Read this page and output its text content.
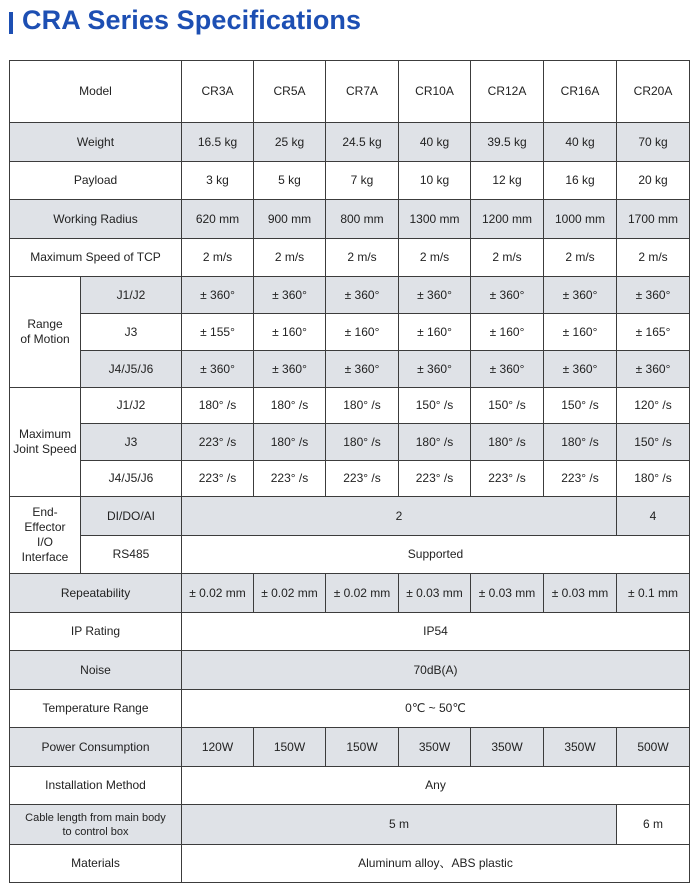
CRA Series Specifications
Model		CR3A	CR5A	CR7A	CR10A	CR12A	CR16A	CR20A
Weight		16.5 kg	25 kg	24.5 kg	40 kg	39.5 kg	40 kg	70 kg
Payload		3 kg	5 kg	7 kg	10 kg	12 kg	16 kg	20 kg
Working Radius		620 mm	900 mm	800 mm	1300 mm	1200 mm	1000 mm	1700 mm
Maximum Speed of TCP		2 m/s	2 m/s	2 m/s	2 m/s	2 m/s	2 m/s	2 m/s
Range
of Motion	J1/J2	± 360°	± 360°	± 360°	± 360°	± 360°	± 360°	± 360°
	J3	± 155°	± 160°	± 160°	± 160°	± 160°	± 160°	± 165°
	J4/J5/J6	± 360°	± 360°	± 360°	± 360°	± 360°	± 360°	± 360°
Maximum
Joint Speed	J1/J2	180° /s	180° /s	180° /s	150° /s	150° /s	150° /s	120° /s
	J3	223° /s	180° /s	180° /s	180° /s	180° /s	180° /s	150° /s
	J4/J5/J6	223° /s	223° /s	223° /s	223° /s	223° /s	223° /s	180° /s
End-Effector
I/O Interface	DI/DO/AI	2						4
	RS485	Supported						
Repeatability		± 0.02 mm	± 0.02 mm	± 0.02 mm	± 0.03 mm	± 0.03 mm	± 0.03 mm	± 0.1 mm
IP Rating		IP54						
Noise		70dB(A)						
Temperature Range		0℃ ~ 50℃						
Power Consumption		120W	150W	150W	350W	350W	350W	500W
Installation Method		Any						
Cable length from main body
to control box		5 m						6 m
Materials		Aluminum alloy、ABS plastic						
